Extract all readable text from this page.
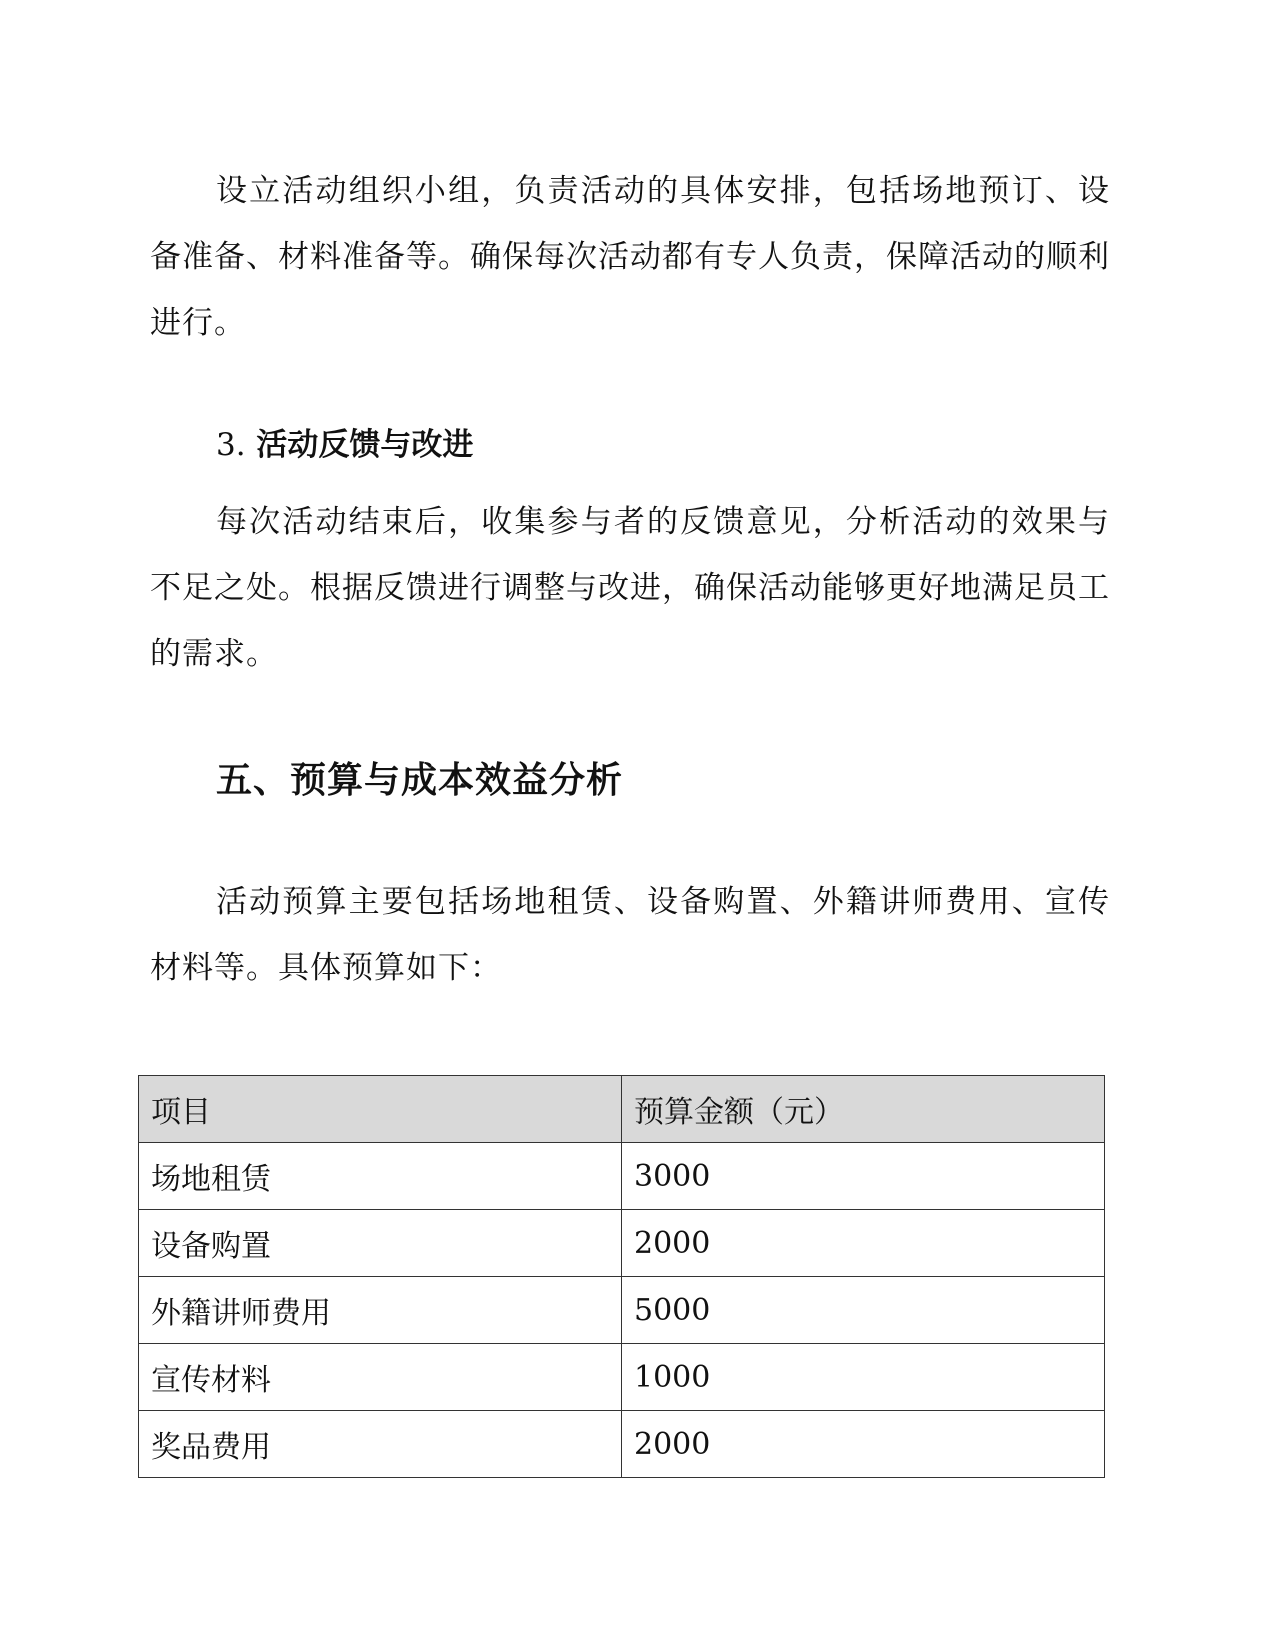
设立活动组织小组，负责活动的具体安排，包括场地预订、设备准备、材料准备等。确保每次活动都有专人负责，保障活动的顺利进行。

3. 活动反馈与改进

每次活动结束后，收集参与者的反馈意见，分析活动的效果与不足之处。根据反馈进行调整与改进，确保活动能够更好地满足员工的需求。

五、预算与成本效益分析

活动预算主要包括场地租赁、设备购置、外籍讲师费用、宣传材料等。具体预算如下：

项目	预算金额（元）
场地租赁	3000
设备购置	2000
外籍讲师费用	5000
宣传材料	1000
奖品费用	2000
